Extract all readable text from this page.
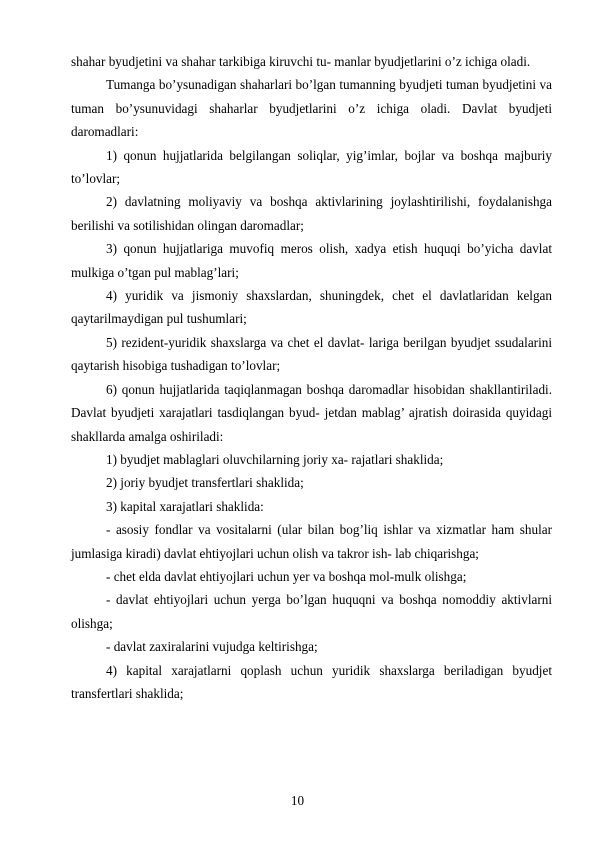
shahar byudjetini va shahar tarkibiga kiruvchi tu- manlar byudjetlarini o’z ichiga oladi.

Tumanga bo’ysunadigan shaharlari bo’lgan tumanning byudjeti tuman byudjetini va tuman bo’ysunuvidagi shaharlar byudjetlarini o’z ichiga oladi. Davlat byudjeti daromadlari:

1) qonun hujjatlarida belgilangan soliqlar, yig’imlar, bojlar va boshqa majburiy to’lovlar;

2) davlatning moliyaviy va boshqa aktivlarining joylashtirilishi, foydalanishga berilishi va sotilishidan olingan daromadlar;

3) qonun hujjatlariga muvofiq meros olish, xadya etish huquqi bo’yicha davlat mulkiga o’tgan pul mablag’lari;

4) yuridik va jismoniy shaxslardan, shuningdek, chet el davlatlaridan kelgan qaytarilmaydigan pul tushumlari;

5) rezident-yuridik shaxslarga va chet el davlat- lariga berilgan byudjet ssudalarini qaytarish hisobiga tushadigan to’lovlar;

6) qonun hujjatlarida taqiqlanmagan boshqa daromadlar hisobidan shakllantiriladi. Davlat byudjeti xarajatlari tasdiqlangan byud- jetdan mablag’ ajratish doirasida quyidagi shakllarda amalga oshiriladi:

1) byudjet mablaglari oluvchilarning joriy xa- rajatlari shaklida;

2) joriy byudjet transfertlari shaklida;

3) kapital xarajatlari shaklida:

- asosiy fondlar va vositalarni (ular bilan bog’liq ishlar va xizmatlar ham shular jumlasiga kiradi) davlat ehtiyojlari uchun olish va takror ish- lab chiqarishga;

- chet elda davlat ehtiyojlari uchun yer va boshqa mol-mulk olishga;

- davlat ehtiyojlari uchun yerga bo’lgan huquqni va boshqa nomoddiy aktivlarni olishga;

- davlat zaxiralarini vujudga keltirishga;

4) kapital xarajatlarni qoplash uchun yuridik shaxslarga beriladigan byudjet transfertlari shaklida;

10
